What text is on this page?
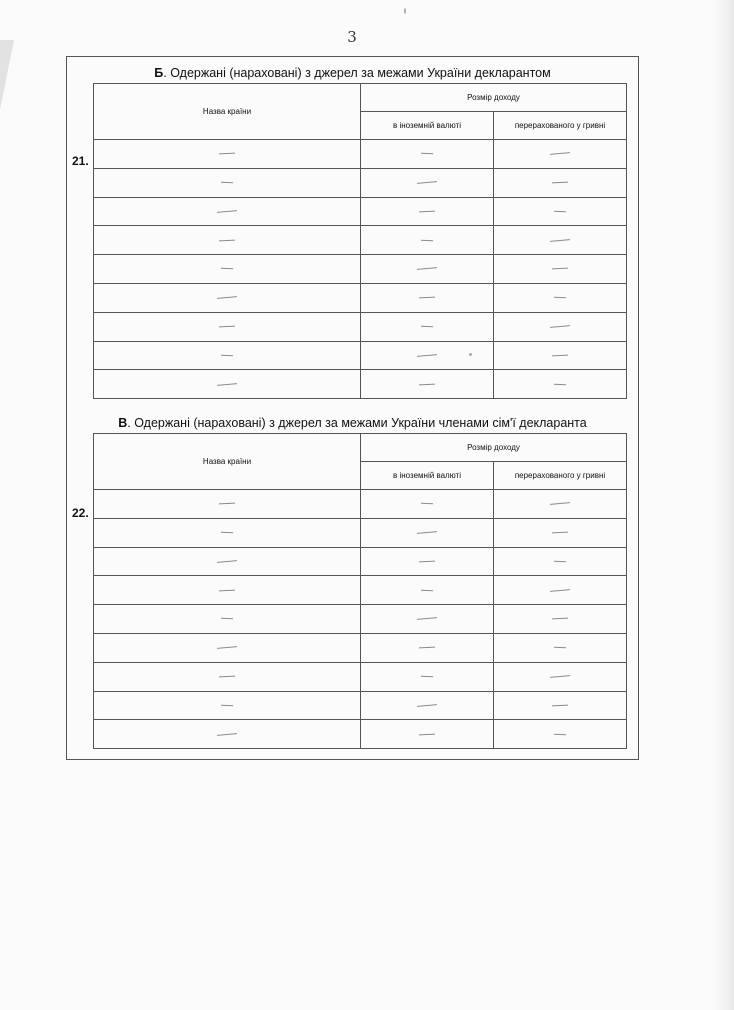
3
Б. Одержані (нараховані) з джерел за межами України декларантом
21.
Назва країни	Розмір доходу	
	в іноземній валюті	перерахованого у гривні

В. Одержані (нараховані) з джерел за межами України членами сім'ї декларанта
22.
Назва країни	Розмір доходу	
	в іноземній валюті	перерахованого у гривні
